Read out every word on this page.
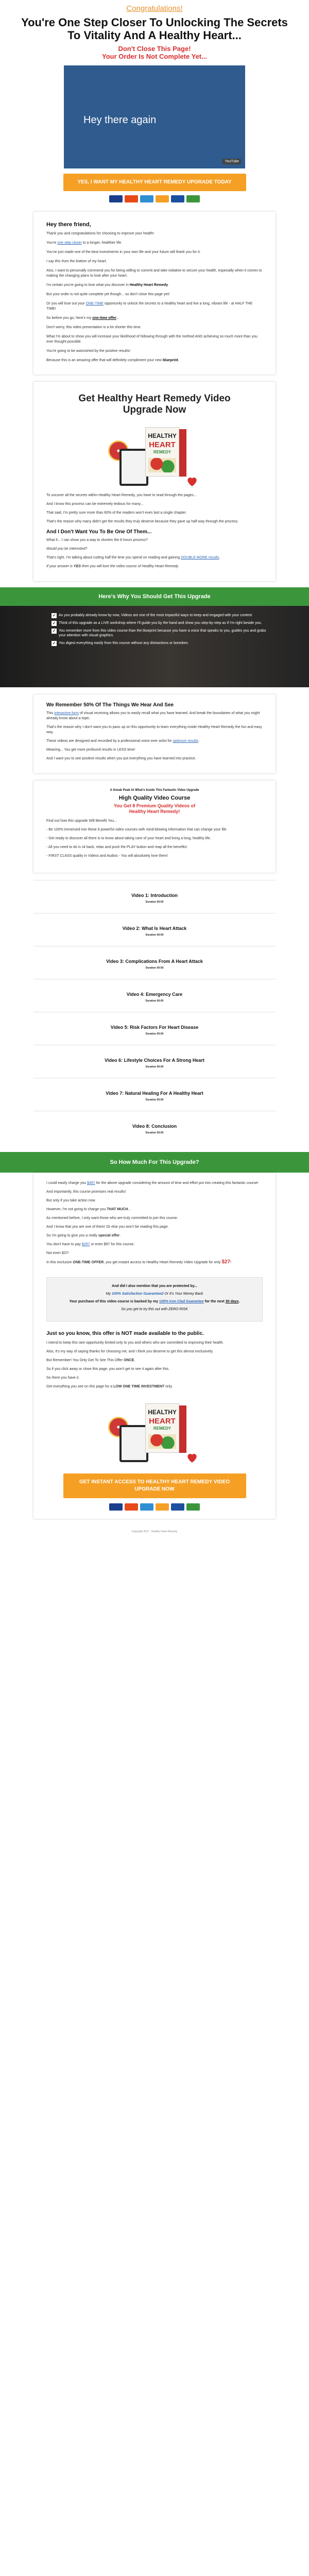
Congratulations!
You're One Step Closer To Unlocking The Secrets To Vitality And A Healthy Heart...
Don't Close This Page!
Your Order Is Not Complete Yet...
Hey there again
YouTube
YES, I WANT MY HEALTHY HEART REMEDY UPGRADE TODAY
Hey there friend,

Thank you and congratulations for choosing to improve your health!

You're one step closer to a longer, healthier life.

You've just made one of the best investments in your own life and your future will thank you for it.

I say this from the bottom of my heart.

Also, I want to personally commend you for being willing to commit and take initiative to secure your health, especially when it comes to making the changing plans to look after your heart.

I'm certain you're going to love what you discover in Healthy Heart Remedy.

But your order is not quite complete yet though... so don't close this page yet!

Or you will lose out your ONE-TIME opportunity to unlock the secrets to a healthy heart and live a long, vibrant life - at HALF THE TIME!

So before you go, here's my one-time offer...

Don't worry, this video presentation is a lot shorter this time.

What I'm about to show you will increase your likelihood of following through with the method AND achieving so much more than you ever thought possible.

You're going to be astonished by the positive results!

Because this is an amazing offer that will definitely compliment your new blueprint.

Get Healthy Heart Remedy Video Upgrade Now
HEALTHY
HEART
REMEDY

To uncover all the secrets within Healthy Heart Remedy, you have to read through the pages...

And I know this process can be extremely tedious for many...

That said, I'm pretty sure more than 60% of the readers won't even last a single chapter.

That's the reason why many didn't get the results they truly deserve because they gave up half-way through the process.

And I Don't Want You To Be One Of Them...

What if... I can show you a way to shorten the 8 hours process?

Would you be interested?

That's right. I'm talking about cutting half the time you spend on reading and gaining DOUBLE MORE results.

If your answer is YES then you will love the video course of Healthy Heart Remedy.

Here's Why You Should Get This Upgrade
✓ As you probably already know by now, Videos are one of the most impactful ways to keep and engaged with your content.
✓ Think of this upgrade as a LIVE workshop where I'll guide you by the hand and show you step-by-step as if I'm right beside you.
✓ You remember more from this video course than the blueprint because you have a voice that speaks to you, guides you and grabs your attention with visual graphics.
✓ You digest everything easily from this course without any distractions or boredom.
We Remember 50% Of The Things We Hear And See

This interactive form of visual receiving allows you to easily recall what you have learned. And break the boundaries of what you might already know about a topic.

That's the reason why I don't want you to pass up on this opportunity to learn everything inside Healthy Heart Remedy the fun and easy way.

These videos are designed and recorded by a professional voice-over artist for optimum results.

Meaning... You get more profound results in LESS time!

And I want you to see positive results when you put everything you have learned into practice.

A Sneak Peak At What's Inside This Fantastic Video Upgrade
High Quality Video Course
You Get 8 Premium Quality Videos of
Healthy Heart Remedy!

Find out how this upgrade Will Benefit You...

- Be 100% immersed into these 8 powerful video courses with mind-blowing information that can change your life.

- Get ready to discover all there is to know about taking care of your heart and living a long, healthy life.

- All you need to do is sit back, relax and push the PLAY button and reap all the benefits!

- FIRST CLASS quality in Videos and Audios - You will absolutely love them!

Video 1: Introduction
Duration 00:00
Video 2: What Is Heart Attack
Duration 00:00
Video 3: Complications From A Heart Attack
Duration 00:00
Video 4: Emergency Care
Duration 00:00
Video 5: Risk Factors For Heart Disease
Duration 00:00
Video 6: Lifestyle Choices For A Strong Heart
Duration 00:00
Video 7: Natural Healing For A Healthy Heart
Duration 00:00
Video 8: Conclusion
Duration 00:00
So How Much For This Upgrade?

I could easily charge you $497 for the above upgrade considering the amount of time and effort put into creating this fantastic course!

And importantly, this course promises real results!

But only if you take action now.

However, I'm not going to charge you THAT MUCH...

As mentioned before, I only want those who are truly committed to join this course.

And I know that you are one of them! Or else you won't be reading this page.

So I'm going to give you a really special offer.

You don't have to pay $297 or even $97 for this course.

Not even $37!

In this exclusive ONE-TIME OFFER, you get instant access to Healthy Heart Remedy Video Upgrade for only $27!

And did I also mention that you are protected by...

My 100% Satisfaction Guaranteed Or It's Your Money Back

Your purchase of this video course is backed by my 100% Iron Clad Guarantee for the next 30 days.

So you get to try this out with ZERO RISK

Just so you know, this offer is NOT made available to the public.

I intend to keep this rare opportunity limited only to you and others who are committed to improving their health.

Also, it's my way of saying thanks for choosing me, and I think you deserve to get this almost exclusively.

But Remember! You Only Get To See This Offer ONCE.

So if you click away or close this page, you won't get to see it again after this.

So there you have it.

Get everything you see on this page for a LOW ONE TIME INVESTMENT only.

HEALTHY
HEART
REMEDY
GET INSTANT ACCESS TO HEALTHY HEART REMEDY VIDEO UPGRADE NOW
Copyright 2017 - Healthy Heart Remedy
